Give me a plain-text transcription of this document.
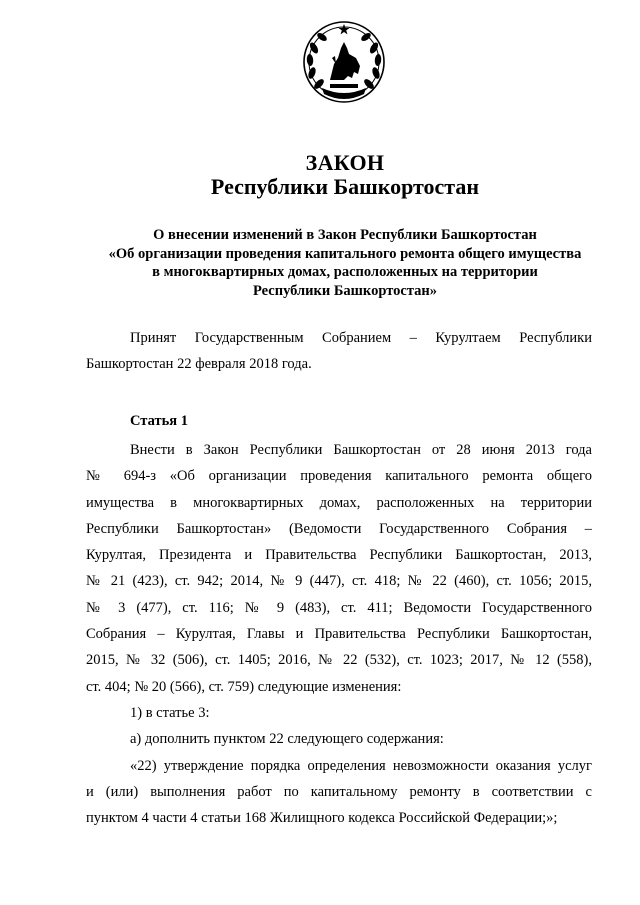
ЗАКОН
Республики Башкортостан
О внесении изменений в Закон Республики Башкортостан
«Об организации проведения капитального ремонта общего имущества
в многоквартирных домах, расположенных на территории
Республики Башкортостан»
Принят Государственным Собранием – Курултаем Республики
Башкортостан 22 февраля 2018 года.
Статья 1
Внести в Закон Республики Башкортостан от 28 июня 2013 года
№ 694-з «Об организации проведения капитального ремонта общего
имущества в многоквартирных домах, расположенных на территории
Республики Башкортостан» (Ведомости Государственного Собрания –
Курултая, Президента и Правительства Республики Башкортостан, 2013,
№ 21 (423), ст. 942; 2014, № 9 (447), ст. 418; № 22 (460), ст. 1056; 2015,
№ 3 (477), ст. 116; № 9 (483), ст. 411; Ведомости Государственного
Собрания – Курултая, Главы и Правительства Республики Башкортостан,
2015, № 32 (506), ст. 1405; 2016, № 22 (532), ст. 1023; 2017, № 12 (558),
ст. 404; № 20 (566), ст. 759) следующие изменения:
1) в статье 3:
а) дополнить пунктом 22 следующего содержания:
«22) утверждение порядка определения невозможности оказания услуг
и (или) выполнения работ по капитальному ремонту в соответствии с
пунктом 4 части 4 статьи 168 Жилищного кодекса Российской Федерации;»;
